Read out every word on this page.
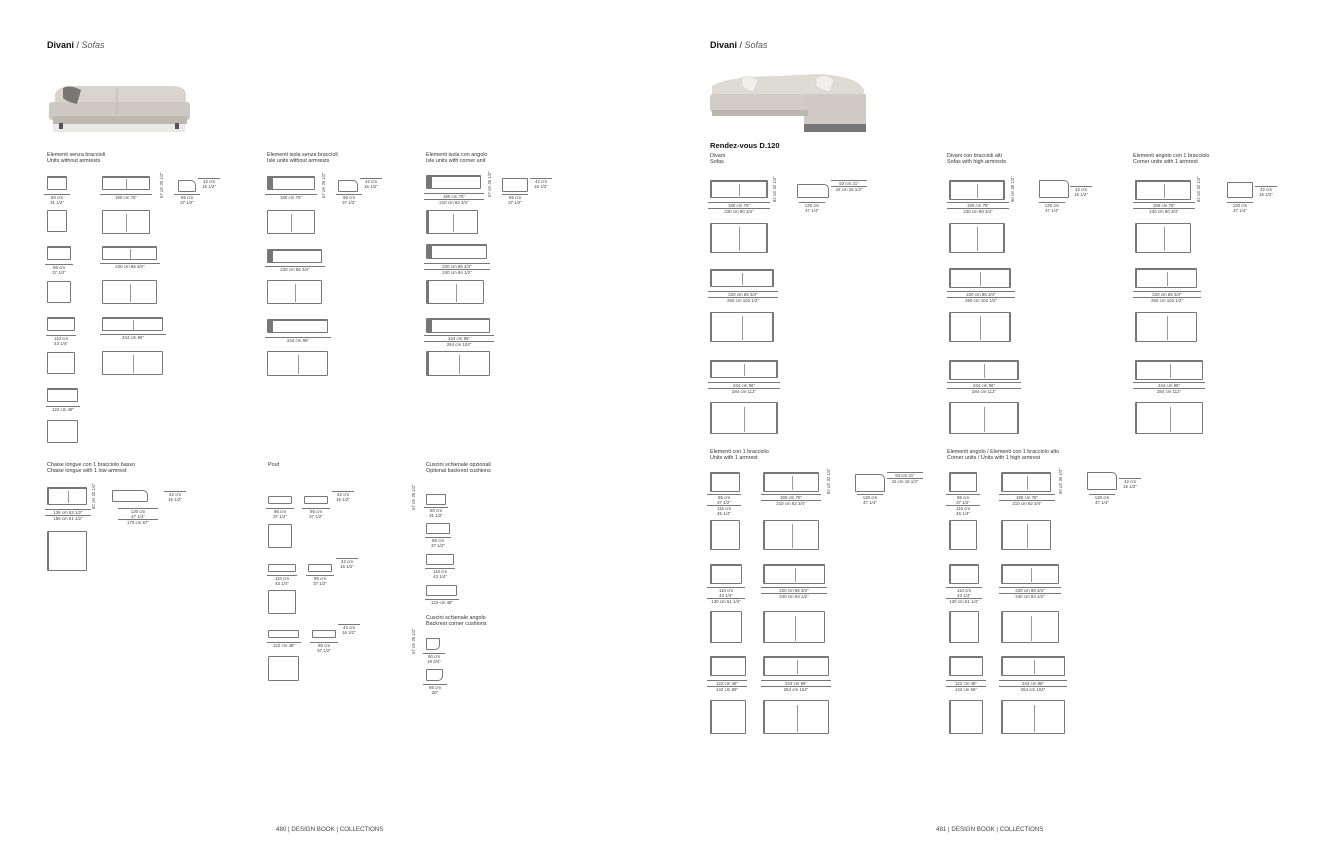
Divani / Sofas
Elementi senza braccioli
Units without armrests
Elementi isola senza braccioli
Isle units without armrests
Elementi isola con angolo
Isle units with corner unit
80 cm
31 1/2"
95 cm
37 1/2"
110 cm
43 1/4"
122 cm 48"
190 cm 75"
220 cm 86 3/4"
244 cm 96"
67 cm 26 1/2"	42 cm
16 1/2"
95 cm
37 1/2"
190 cm 75"	67 cm 26 1/2"	42 cm
16 1/2"
95 cm
37 1/2"
220 cm 86 3/4"
244 cm 96"
190 cm 75"
210 cm 82 3/4"
67 cm 26 1/2"	42 cm
16 1/2"
95 cm
37 1/2"
220 cm 86 3/4"
240 cm 94 1/2"
244 cm 96"
264 cm 104"
Chaise longue con 1 bracciolo basso
Chaise longue with 1 low armrest
136 cm 53 1/2"
156 cm 61 1/2"
82 cm 32 1/4"	42 cm
16 1/2"
120 cm
47 1/4"
170 cm 67"
Pouf
95 cm
37 1/2"
95 cm
37 1/2"
42 cm
16 1/2"
110 cm
43 1/4"
95 cm
37 1/2"
42 cm
16 1/2"
122 cm 48"	95 cm
37 1/2"
42 cm
16 1/2"
Cuscini schienale opzionali
Optional backrest cushions
67 cm 26 1/2"
80 cm
31 1/2"
95 cm
37 1/2"
110 cm
43 1/4"
122 cm 48"
Cuscini schienale angolo
Backrest corner cushions
67 cm 26 1/2"
50 cm
19 3/4"
66 cm
26"
480 | DESIGN BOOK | COLLECTIONS
Divani / Sofas
Rendez-vous D.120
Divani
Sofas
Divani con braccioli alti
Sofas with high armrests
Elementi angolo con 1 bracciolo
Corner units with 1 armrest
190 cm 75"
230 cm 90 3/4"
82 cm 32 1/4"	53 cm 21"
42 cm 16 1/2"
120 cm
47 1/4"
220 cm 86 3/4"
260 cm 102 1/2"
244 cm 96"
284 cm 112"
190 cm 75"
230 cm 90 3/4"
90 cm 35 1/2"	42 cm
16 1/2"
120 cm
47 1/4"
220 cm 86 3/4"
260 cm 102 1/2"
244 cm 96"
284 cm 112"
190 cm 75"
230 cm 90 3/4"
82 cm 32 1/4"	42 cm
16 1/2"
120 cm
47 1/4"
220 cm 86 3/4"
260 cm 102 1/2"
244 cm 96"
284 cm 112"
Elementi con 1 bracciolo
Units with 1 armrest
Elementi angolo / Elementi con 1 bracciolo alto
Corner units / Units with 1 high armrest
95 cm
37 1/2"
115 cm
45 1/4"
190 cm 75"
210 cm 82 3/4"
82 cm 32 1/4"	53 cm 21"
42 cm 16 1/2"
120 cm
47 1/4"
110 cm
43 1/4"
130 cm 51 1/4"
220 cm 86 3/4"
240 cm 94 1/2"
122 cm 48"
142 cm 56"
244 cm 96"
264 cm 104"
95 cm
37 1/2"
115 cm
45 1/4"
190 cm 75"
210 cm 82 3/4"
90 cm 35 1/2"	42 cm
16 1/2"
120 cm
47 1/4"
110 cm
43 1/4"
130 cm 51 1/4"
220 cm 86 3/4"
240 cm 94 1/2"
122 cm 48"
142 cm 56"
244 cm 96"
264 cm 104"
481 | DESIGN BOOK | COLLECTIONS
